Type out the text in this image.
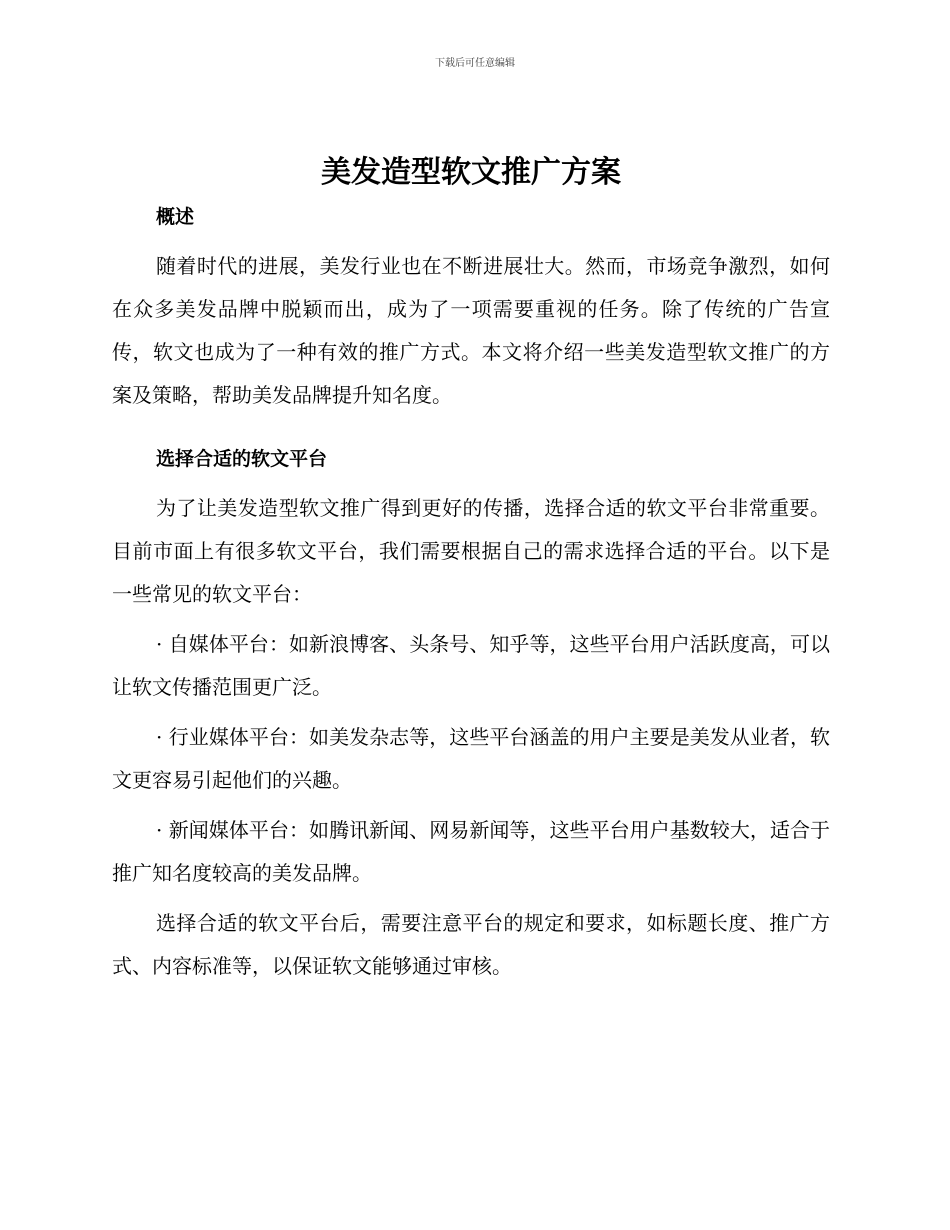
下载后可任意编辑
美发造型软文推广方案
概述

随着时代的进展，美发行业也在不断进展壮大。然而，市场竞争激烈，如何在众多美发品牌中脱颖而出，成为了一项需要重视的任务。除了传统的广告宣传，软文也成为了一种有效的推广方式。本文将介绍一些美发造型软文推广的方案及策略，帮助美发品牌提升知名度。

选择合适的软文平台

为了让美发造型软文推广得到更好的传播，选择合适的软文平台非常重要。目前市面上有很多软文平台，我们需要根据自己的需求选择合适的平台。以下是一些常见的软文平台：

· 自媒体平台：如新浪博客、头条号、知乎等，这些平台用户活跃度高，可以让软文传播范围更广泛。

· 行业媒体平台：如美发杂志等，这些平台涵盖的用户主要是美发从业者，软文更容易引起他们的兴趣。

· 新闻媒体平台：如腾讯新闻、网易新闻等，这些平台用户基数较大，适合于推广知名度较高的美发品牌。

选择合适的软文平台后，需要注意平台的规定和要求，如标题长度、推广方式、内容标准等，以保证软文能够通过审核。
